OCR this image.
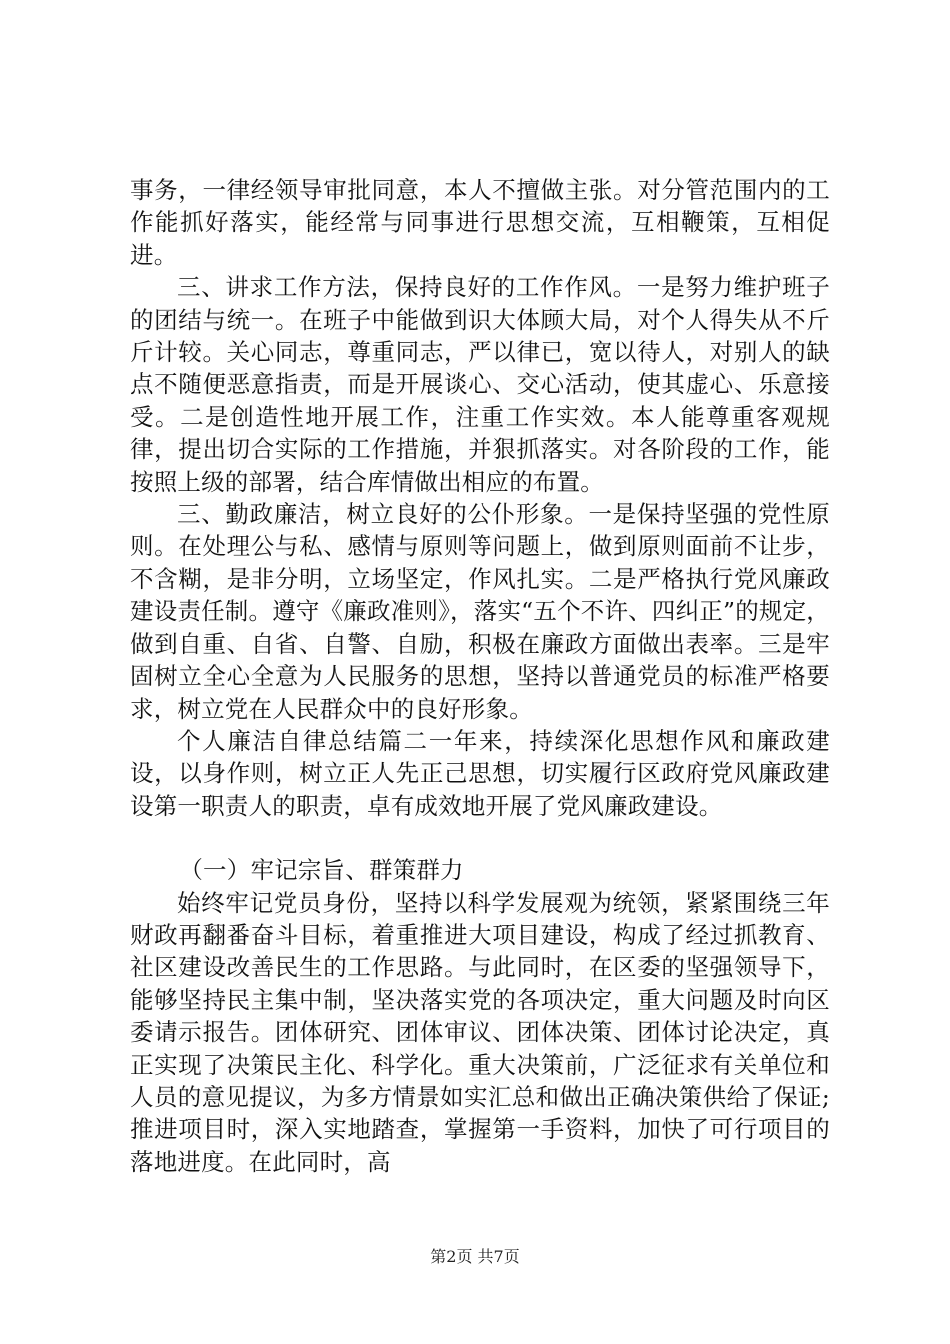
事务，一律经领导审批同意，本人不擅做主张。对分管范围内的工作能抓好落实，能经常与同事进行思想交流，互相鞭策，互相促进。

三、讲求工作方法，保持良好的工作作风。一是努力维护班子的团结与统一。在班子中能做到识大体顾大局，对个人得失从不斤斤计较。关心同志，尊重同志，严以律已，宽以待人，对别人的缺点不随便恶意指责，而是开展谈心、交心活动，使其虚心、乐意接受。二是创造性地开展工作，注重工作实效。本人能尊重客观规律，提出切合实际的工作措施，并狠抓落实。对各阶段的工作，能按照上级的部署，结合库情做出相应的布置。

三、勤政廉洁，树立良好的公仆形象。一是保持坚强的党性原则。在处理公与私、感情与原则等问题上，做到原则面前不让步，不含糊，是非分明，立场坚定，作风扎实。二是严格执行党风廉政建设责任制。遵守《廉政准则》，落实“五个不许、四纠正”的规定，做到自重、自省、自警、自励，积极在廉政方面做出表率。三是牢固树立全心全意为人民服务的思想，坚持以普通党员的标准严格要求，树立党在人民群众中的良好形象。

个人廉洁自律总结篇二一年来，持续深化思想作风和廉政建设，以身作则，树立正人先正己思想，切实履行区政府党风廉政建设第一职责人的职责，卓有成效地开展了党风廉政建设。

（一）牢记宗旨、群策群力

始终牢记党员身份，坚持以科学发展观为统领，紧紧围绕三年财政再翻番奋斗目标，着重推进大项目建设，构成了经过抓教育、社区建设改善民生的工作思路。与此同时，在区委的坚强领导下，能够坚持民主集中制，坚决落实党的各项决定，重大问题及时向区委请示报告。团体研究、团体审议、团体决策、团体讨论决定，真正实现了决策民主化、科学化。重大决策前，广泛征求有关单位和人员的意见提议，为多方情景如实汇总和做出正确决策供给了保证;推进项目时，深入实地踏查，掌握第一手资料，加快了可行项目的落地进度。在此同时，高

第2页 共7页
